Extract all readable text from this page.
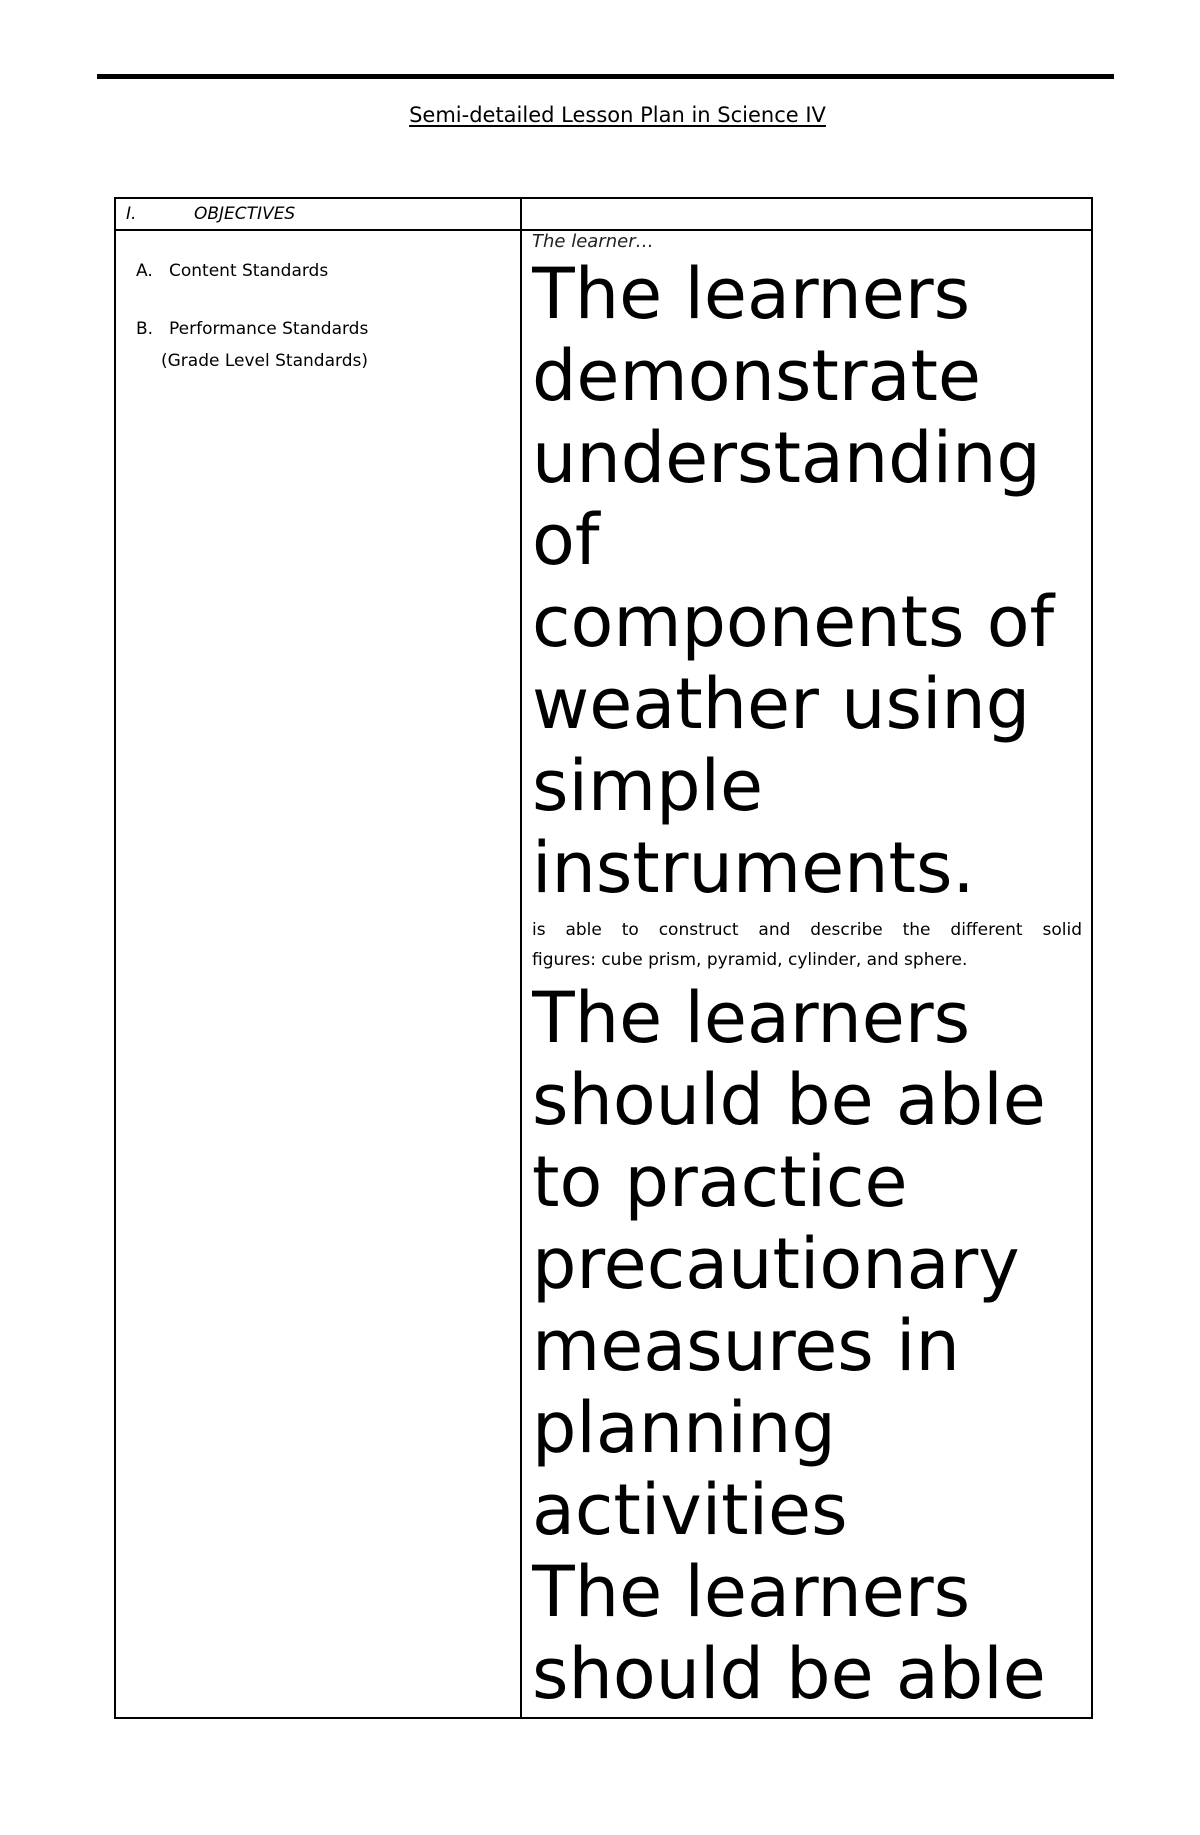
Semi-detailed Lesson Plan in Science IV
I.	OBJECTIVES
A. Content Standards
B. Performance Standards
(Grade Level Standards)
The learner…
The learners
demonstrate
understanding
of
components of
weather using
simple
instruments.
is able to construct and describe the different solid
figures: cube prism, pyramid, cylinder, and sphere.
The learners
should be able
to practice
precautionary
measures in
planning
activities
The learners
should be able
